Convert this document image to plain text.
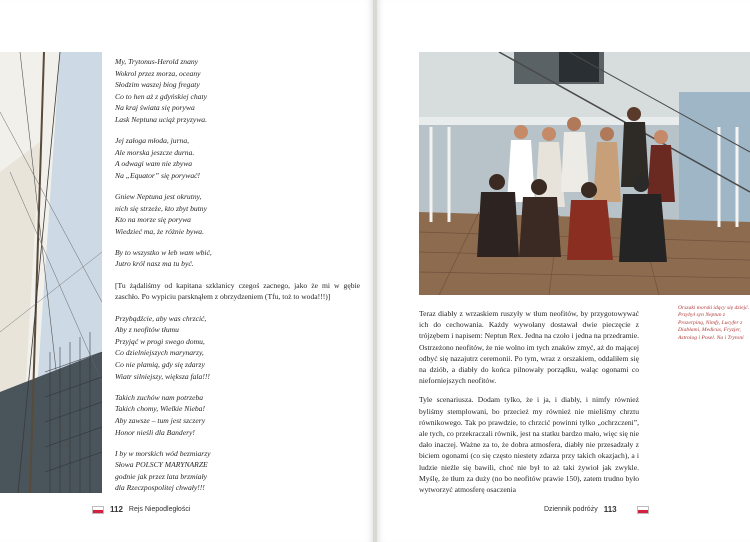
My, Trytonus-Herold znany
Wokrol przez morza, oceany
Słodzim waszej biog fregaty
Co to hen aż z gdyńskiej chaty
Na kraj świata się porywa
Lask Neptuna uciąż przyzywa.
Jej załoga młoda, jurna,
Ale morska jeszcze durna.
A odwagi wam nie zbywa
Na „Equator” się porywać!
Gniew Neptuna jest okrutny,
nich się strzeże, kto zbyt butny
Kto na morze się porywa
Wiedzieć ma, że różnie bywa.
By to wszystko w łeb wam wbić,
Jutro król nasz ma tu być.
[Tu żądaliśmy od kapitana szklanicy czegoś zacnego, jako że mi w gębie zaschło. Po wypiciu parsknąłem z obrzydzeniem (Tfu, toż to woda!!!)]
Przybądźcie, aby was chrzcić,
Aby z neofitów tłumu
Przyjąć w progi swego domu,
Co dzielniejszych marynarzy,
Co nie plamią, gdy się zdarzy
Wiatr silniejszy, większa fala!!!
Takich zuchów nam potrzeba
Takich chomy, Wielkie Nieba!
Aby zawsze – tum jest szczery
Honor nieśli dla Bandery!
I by w morskich wód bezmiarzy
Słowa POLSCY MARYNARZE
godnie jak przez lata brzmiały
dla Rzeczpospolitej chwały!!!
112 Rejs Niepodległości	Dziennik podróży 113
Orszaki morski idący się dziejć. Przybył syn Neptun z Prozerpiną, Nimfy, Lucyfer z Diabłami, Medicus, Fryzjer, Astrolog i Posel. Na i Trytoni

Teraz diabły z wrzaskiem ruszyły w tłum neofitów, by przygotowywać ich do cechowania. Każdy wywołany dostawał dwie pieczęcie z trójzębem i napisem: Neptun Rex. Jedna na czoło i jedna na przedramie. Ostrzeżono neofitów, że nie wolno im tych znaków zmyć, aż do mającej odbyć się nazajutrz ceremonii. Po tym, wraz z orszakiem, oddaliłem się na dziób, a diabły do końca pilnowały porządku, waląc ogonami co nieforniejszych neofitów.

Tyle scenariusza. Dodam tylko, że i ja, i diabły, i nimfy również byliśmy stemplowani, bo przecież my również nie mieliśmy chrztu równikowego. Tak po prawdzie, to chrzcić powinni tylko „ochrzczeni”, ale tych, co przekraczali równik, jest na statku bardzo mało, więc się nie dało inaczej. Ważne za to, że dobra atmosfera, diabły nie przesadzały z biciem ogonami (co się często niestety zdarza przy takich okazjach), a i ludzie nieźle się bawili, choć nie był to aż taki żywioł jak zwykle. Myślę, że tłum za duży (no bo neofitów prawie 150), zatem trudno było wytworzyć atmosferę osaczenia
